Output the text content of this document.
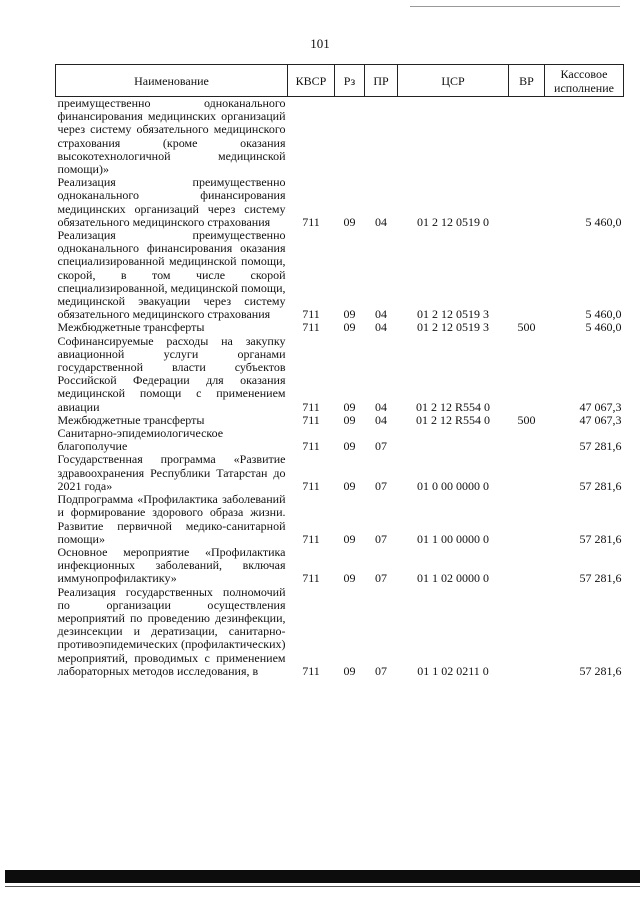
101
Наименование	КВСР	Рз	ПР	ЦСР	ВР	Кассовое исполнение
преимущественно одноканального финансирования медицинских организаций через систему обязательного медицинского страхования (кроме оказания высокотехнологичной медицинской помощи)»						
Реализация преимущественно одноканального финансирования медицинских организаций через систему обязательного медицинского страхования	711	09	04	01 2 12 0519 0		5 460,0
Реализация преимущественно одноканального финансирования оказания специализированной медицинской помощи, скорой, в том числе скорой специализированной, медицинской помощи, медицинской эвакуации через систему обязательного медицинского страхования	711	09	04	01 2 12 0519 3		5 460,0
Межбюджетные трансферты	711	09	04	01 2 12 0519 3	500	5 460,0
Софинансируемые расходы на закупку авиационной услуги органами государственной власти субъектов Российской Федерации для оказания медицинской помощи с применением авиации	711	09	04	01 2 12 R554 0		47 067,3
Межбюджетные трансферты	711	09	04	01 2 12 R554 0	500	47 067,3
Санитарно-эпидемиологическое благополучие	711	09	07			57 281,6
Государственная программа «Развитие здравоохранения Республики Татарстан до 2021 года»	711	09	07	01 0 00 0000 0		57 281,6
Подпрограмма «Профилактика заболеваний и формирование здорового образа жизни. Развитие первичной медико-санитарной помощи»	711	09	07	01 1 00 0000 0		57 281,6
Основное мероприятие «Профилактика инфекционных заболеваний, включая иммунопрофилактику»	711	09	07	01 1 02 0000 0		57 281,6
Реализация государственных полномочий по организации осуществления мероприятий по проведению дезинфекции, дезинсекции и дератизации, санитарно-противоэпидемических (профилактических) мероприятий, проводимых с применением лабораторных методов исследования, в	711	09	07	01 1 02 0211 0		57 281,6
